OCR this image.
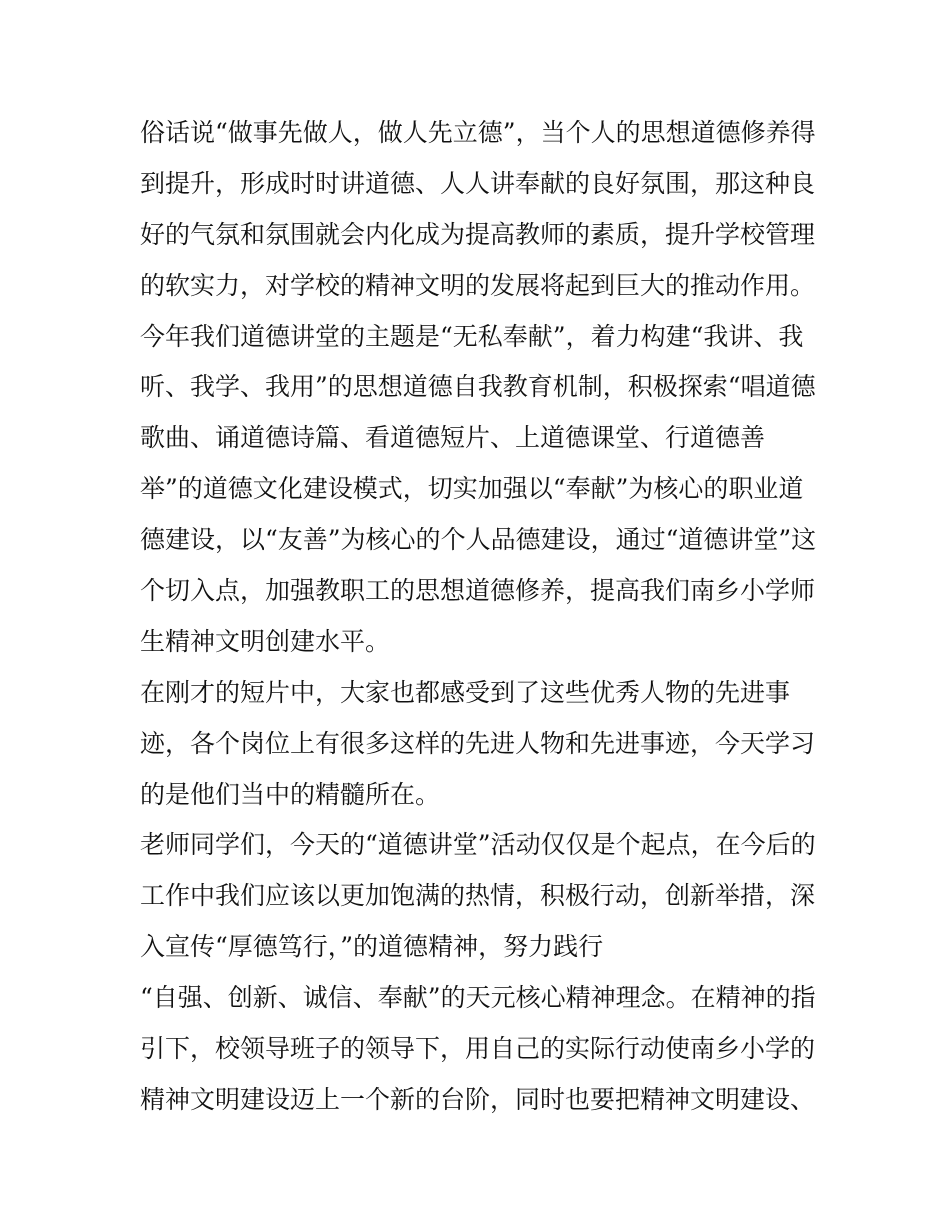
俗话说“做事先做人，做人先立德”，当个人的思想道德修养得
到提升，形成时时讲道德、人人讲奉献的良好氛围，那这种良
好的气氛和氛围就会内化成为提高教师的素质，提升学校管理
的软实力，对学校的精神文明的发展将起到巨大的推动作用。
今年我们道德讲堂的主题是“无私奉献”，着力构建“我讲、我
听、我学、我用”的思想道德自我教育机制，积极探索“唱道德
歌曲、诵道德诗篇、看道德短片、上道德课堂、行道德善
举”的道德文化建设模式，切实加强以“奉献”为核心的职业道
德建设，以“友善”为核心的个人品德建设，通过“道德讲堂”这
个切入点，加强教职工的思想道德修养，提高我们南乡小学师
生精神文明创建水平。
在刚才的短片中，大家也都感受到了这些优秀人物的先进事
迹，各个岗位上有很多这样的先进人物和先进事迹，今天学习
的是他们当中的精髓所在。
老师同学们，今天的“道德讲堂”活动仅仅是个起点，在今后的
工作中我们应该以更加饱满的热情，积极行动，创新举措，深
入宣传“厚德笃行，”的道德精神，努力践行
“自强、创新、诚信、奉献”的天元核心精神理念。在精神的指
引下，校领导班子的领导下，用自己的实际行动使南乡小学的
精神文明建设迈上一个新的台阶，同时也要把精神文明建设、
